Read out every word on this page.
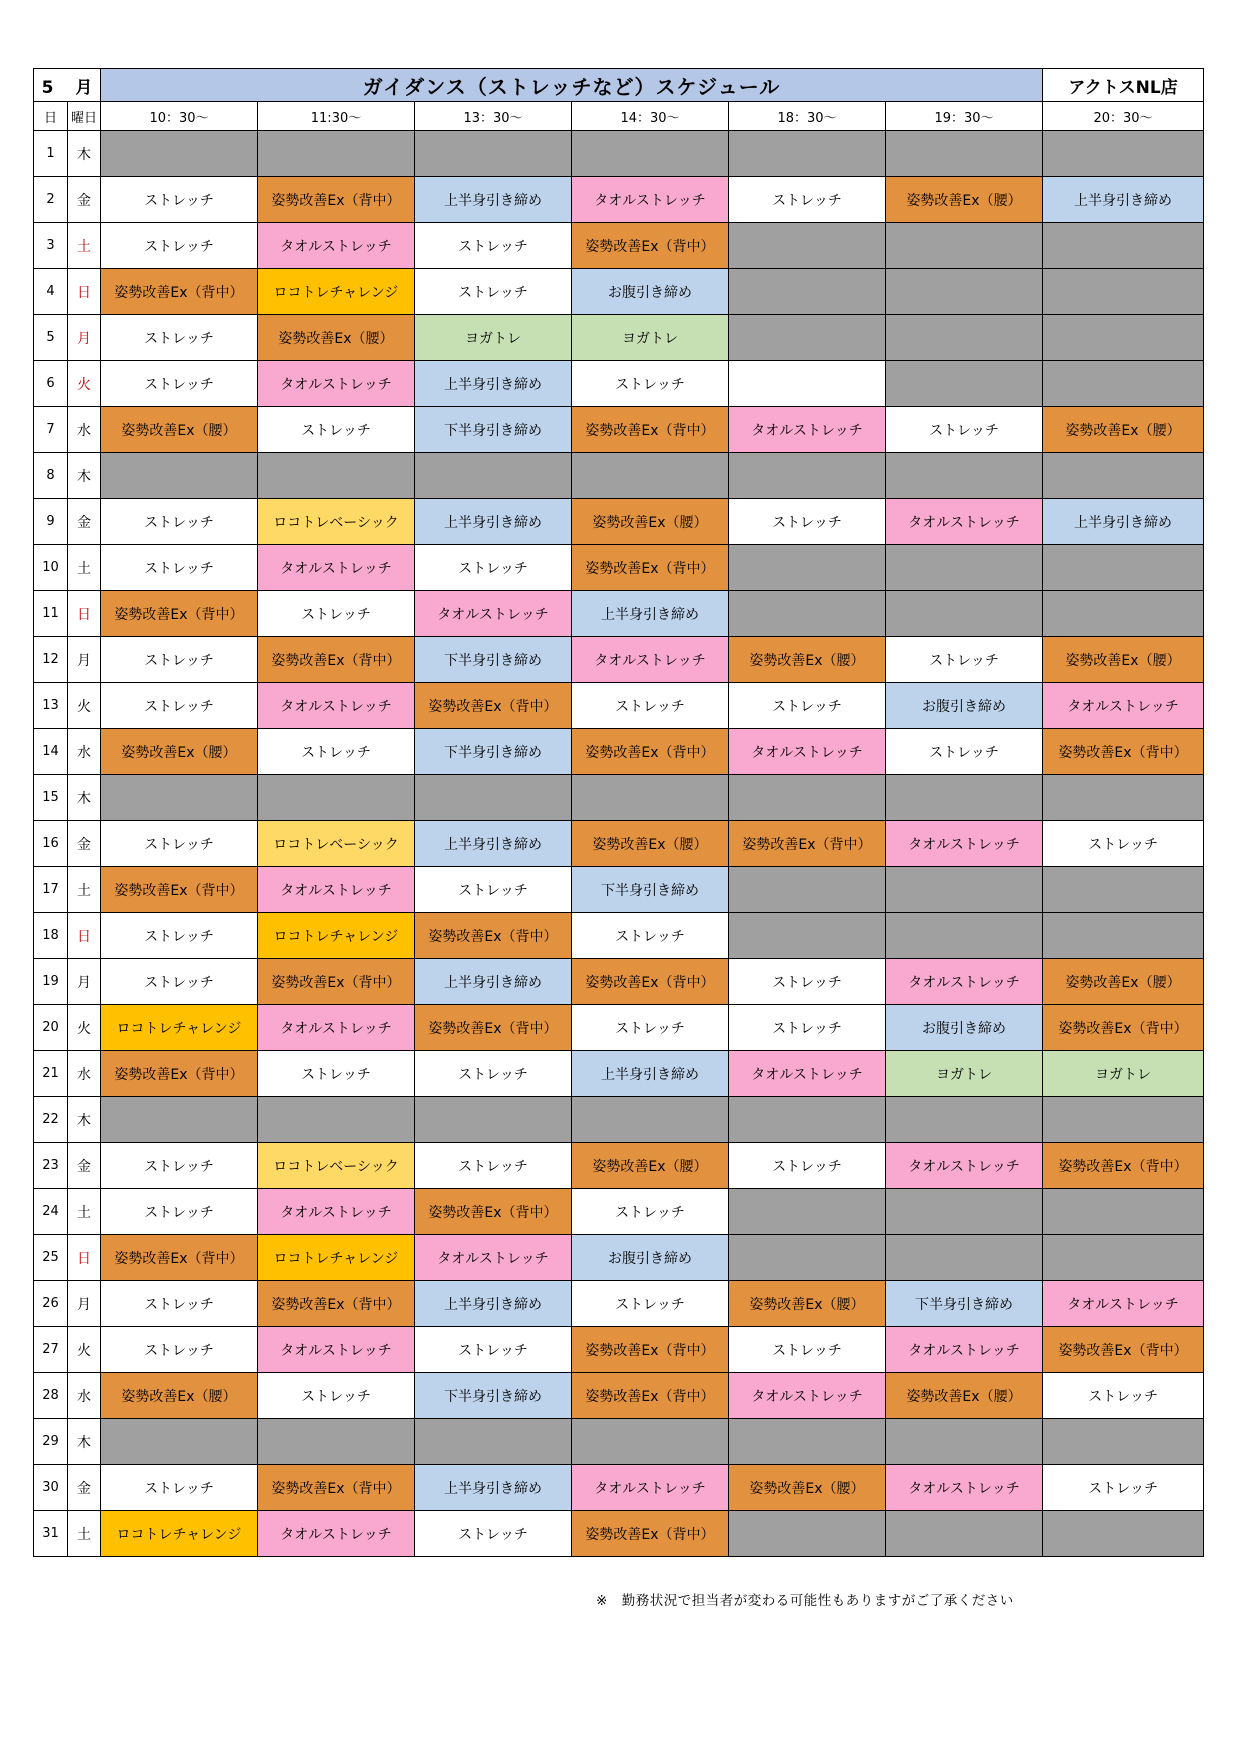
5 月		ガイダンス（ストレッチなど）スケジュール						アクトスNL店
日	曜日	10：30～	11:30～	13：30～	14：30～	18：30～	19：30～	20：30～
1	木							
2	金	ストレッチ	姿勢改善Ex（背中）	上半身引き締め	タオルストレッチ	ストレッチ	姿勢改善Ex（腰）	上半身引き締め
3	土	ストレッチ	タオルストレッチ	ストレッチ	姿勢改善Ex（背中）			
4	日	姿勢改善Ex（背中）	ロコトレチャレンジ	ストレッチ	お腹引き締め			
5	月	ストレッチ	姿勢改善Ex（腰）	ヨガトレ	ヨガトレ			
6	火	ストレッチ	タオルストレッチ	上半身引き締め	ストレッチ			
7	水	姿勢改善Ex（腰）	ストレッチ	下半身引き締め	姿勢改善Ex（背中）	タオルストレッチ	ストレッチ	姿勢改善Ex（腰）
8	木							
9	金	ストレッチ	ロコトレベーシック	上半身引き締め	姿勢改善Ex（腰）	ストレッチ	タオルストレッチ	上半身引き締め
10	土	ストレッチ	タオルストレッチ	ストレッチ	姿勢改善Ex（背中）			
11	日	姿勢改善Ex（背中）	ストレッチ	タオルストレッチ	上半身引き締め			
12	月	ストレッチ	姿勢改善Ex（背中）	下半身引き締め	タオルストレッチ	姿勢改善Ex（腰）	ストレッチ	姿勢改善Ex（腰）
13	火	ストレッチ	タオルストレッチ	姿勢改善Ex（背中）	ストレッチ	ストレッチ	お腹引き締め	タオルストレッチ
14	水	姿勢改善Ex（腰）	ストレッチ	下半身引き締め	姿勢改善Ex（背中）	タオルストレッチ	ストレッチ	姿勢改善Ex（背中）
15	木							
16	金	ストレッチ	ロコトレベーシック	上半身引き締め	姿勢改善Ex（腰）	姿勢改善Ex（背中）	タオルストレッチ	ストレッチ
17	土	姿勢改善Ex（背中）	タオルストレッチ	ストレッチ	下半身引き締め			
18	日	ストレッチ	ロコトレチャレンジ	姿勢改善Ex（背中）	ストレッチ			
19	月	ストレッチ	姿勢改善Ex（背中）	上半身引き締め	姿勢改善Ex（背中）	ストレッチ	タオルストレッチ	姿勢改善Ex（腰）
20	火	ロコトレチャレンジ	タオルストレッチ	姿勢改善Ex（背中）	ストレッチ	ストレッチ	お腹引き締め	姿勢改善Ex（背中）
21	水	姿勢改善Ex（背中）	ストレッチ	ストレッチ	上半身引き締め	タオルストレッチ	ヨガトレ	ヨガトレ
22	木							
23	金	ストレッチ	ロコトレベーシック	ストレッチ	姿勢改善Ex（腰）	ストレッチ	タオルストレッチ	姿勢改善Ex（背中）
24	土	ストレッチ	タオルストレッチ	姿勢改善Ex（背中）	ストレッチ			
25	日	姿勢改善Ex（背中）	ロコトレチャレンジ	タオルストレッチ	お腹引き締め			
26	月	ストレッチ	姿勢改善Ex（背中）	上半身引き締め	ストレッチ	姿勢改善Ex（腰）	下半身引き締め	タオルストレッチ
27	火	ストレッチ	タオルストレッチ	ストレッチ	姿勢改善Ex（背中）	ストレッチ	タオルストレッチ	姿勢改善Ex（背中）
28	水	姿勢改善Ex（腰）	ストレッチ	下半身引き締め	姿勢改善Ex（背中）	タオルストレッチ	姿勢改善Ex（腰）	ストレッチ
29	木							
30	金	ストレッチ	姿勢改善Ex（背中）	上半身引き締め	タオルストレッチ	姿勢改善Ex（腰）	タオルストレッチ	ストレッチ
31	土	ロコトレチャレンジ	タオルストレッチ	ストレッチ	姿勢改善Ex（背中）			
※　勤務状況で担当者が変わる可能性もありますがご了承ください
